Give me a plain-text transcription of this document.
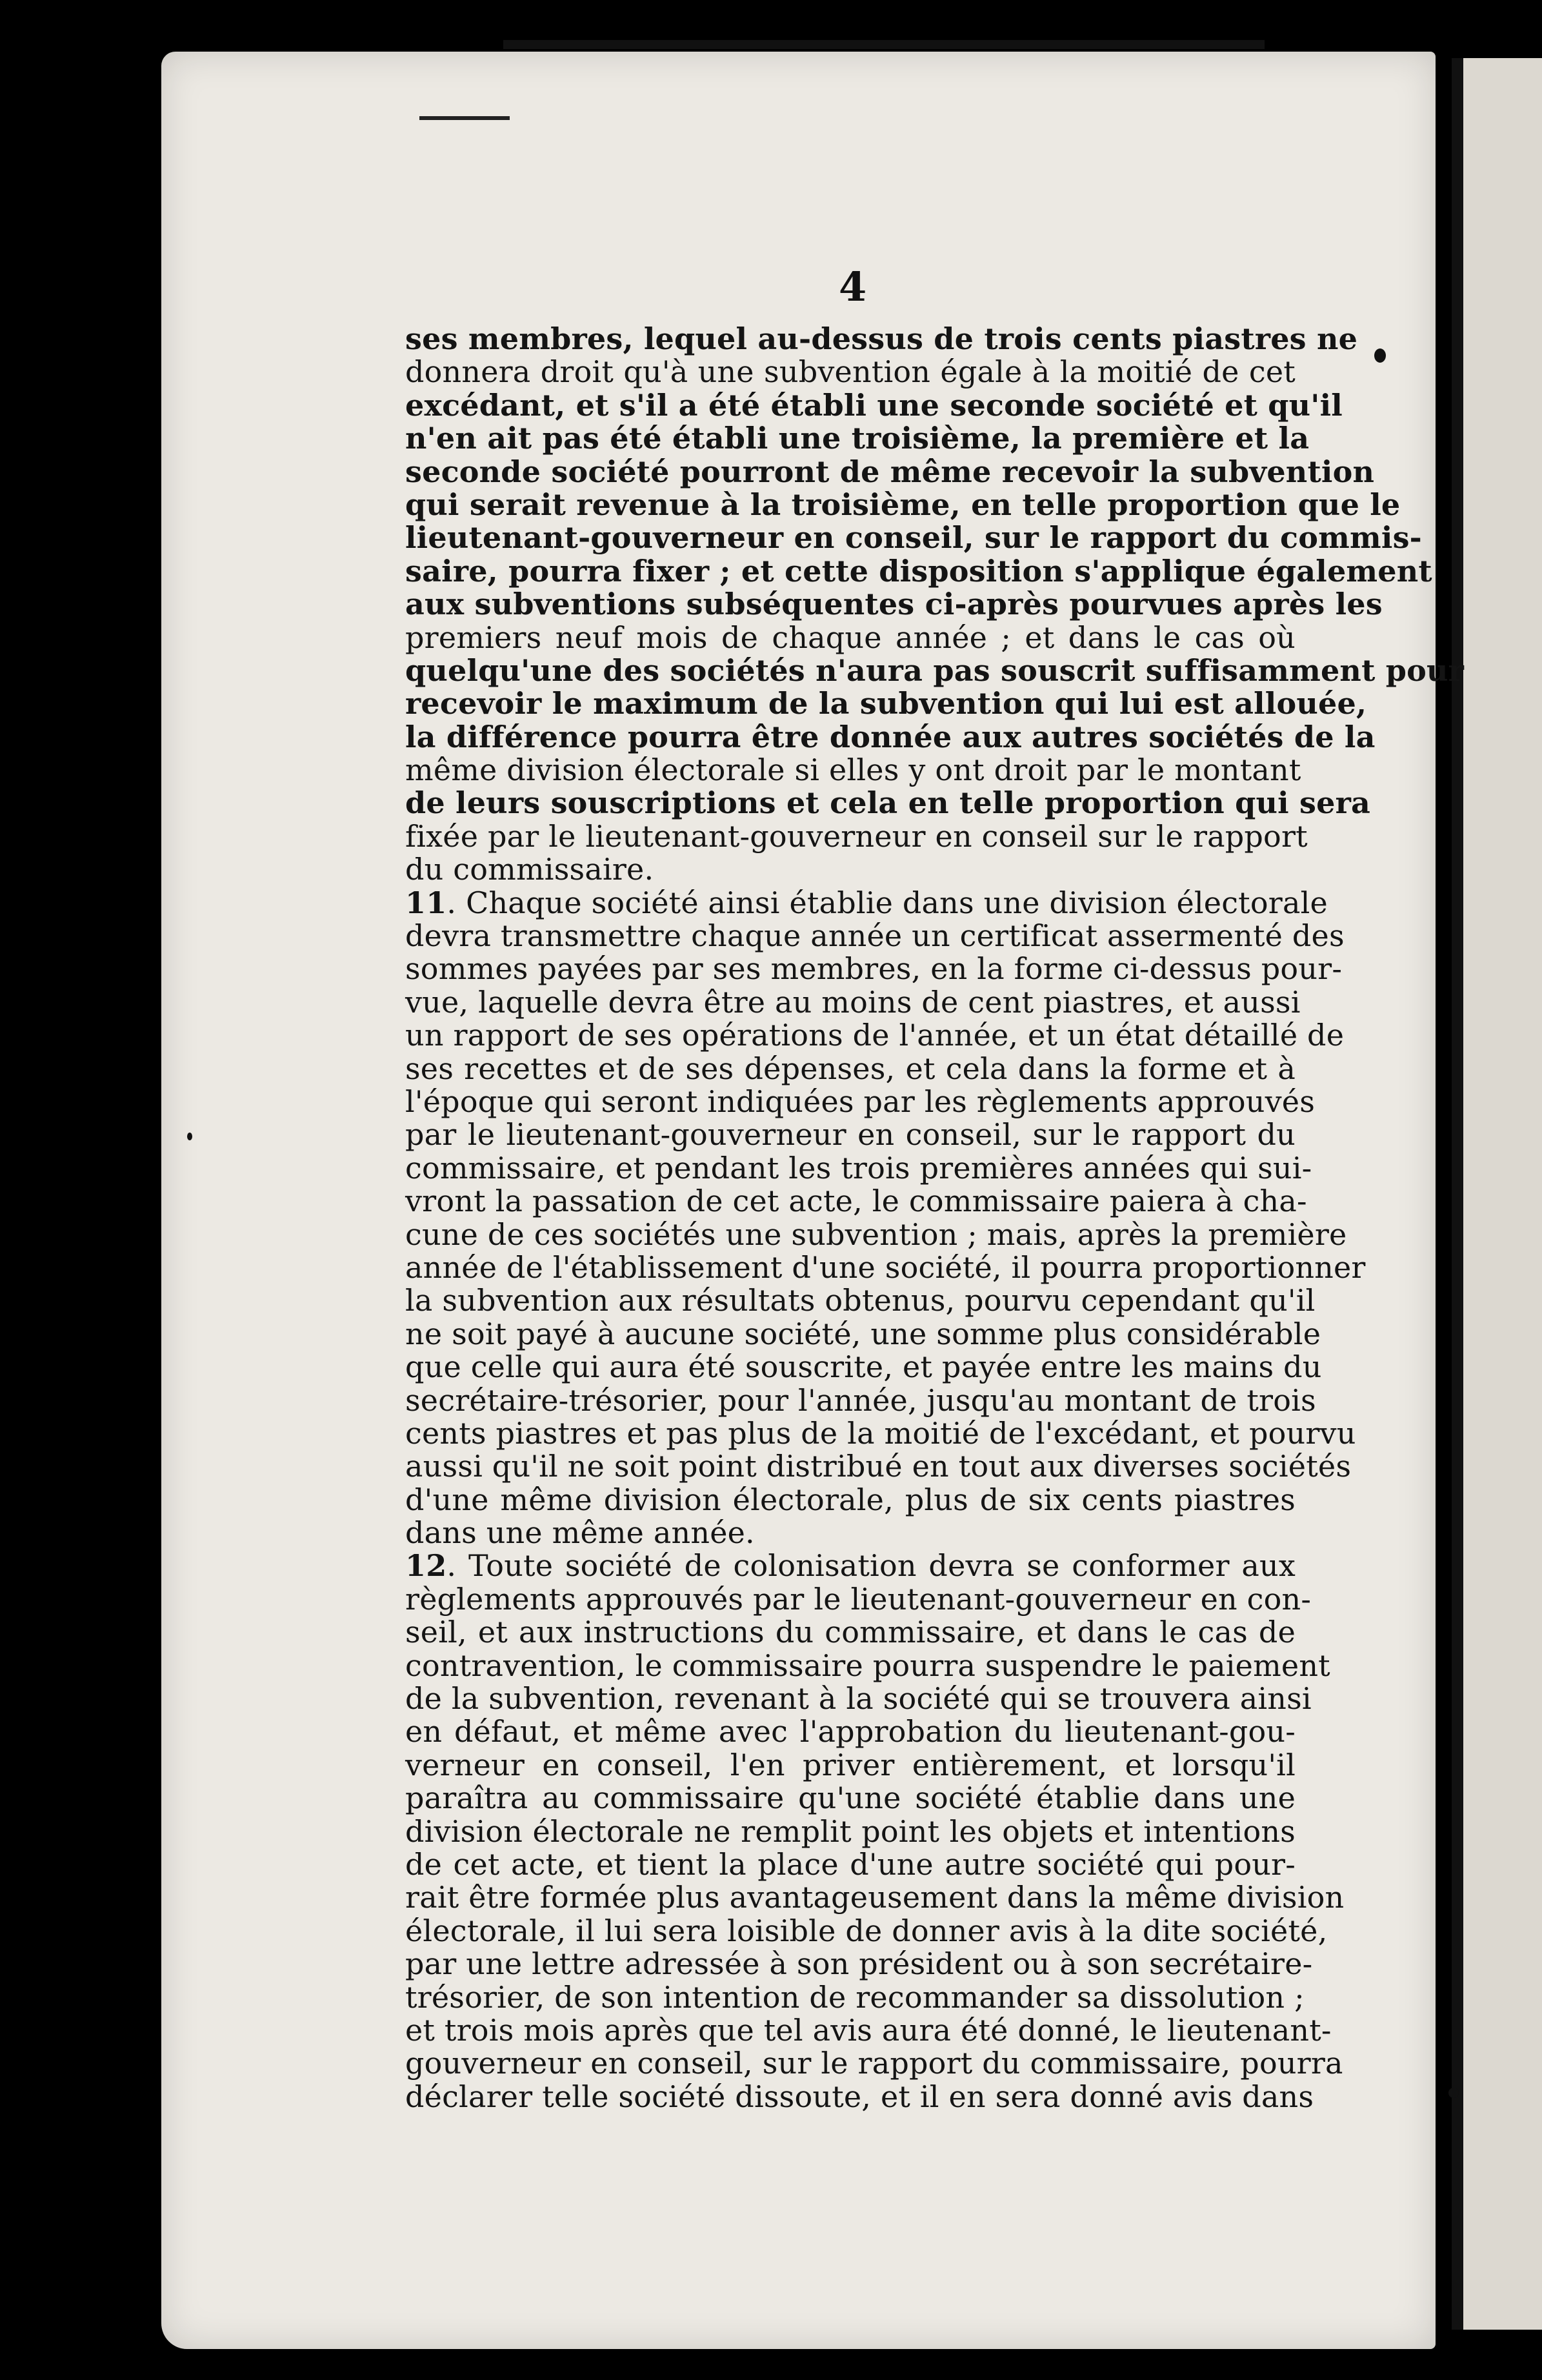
4
ses membres, lequel au-dessus de trois cents piastres ne
donnera droit qu'à une subvention égale à la moitié de cet
excédant, et s'il a été établi une seconde société et qu'il
n'en ait pas été établi une troisième, la première et la
seconde société pourront de même recevoir la subvention
qui serait revenue à la troisième, en telle proportion que le
lieutenant-gouverneur en conseil, sur le rapport du commis-
saire, pourra fixer ; et cette disposition s'applique également
aux subventions subséquentes ci-après pourvues après les
premiers neuf mois de chaque année ; et dans le cas où
quelqu'une des sociétés n'aura pas souscrit suffisamment pour
recevoir le maximum de la subvention qui lui est allouée,
la différence pourra être donnée aux autres sociétés de la
même division électorale si elles y ont droit par le montant
de leurs souscriptions et cela en telle proportion qui sera
fixée par le lieutenant-gouverneur en conseil sur le rapport
du commissaire.
11. Chaque société ainsi établie dans une division électorale
devra transmettre chaque année un certificat assermenté des
sommes payées par ses membres, en la forme ci-dessus pour-
vue, laquelle devra être au moins de cent piastres, et aussi
un rapport de ses opérations de l'année, et un état détaillé de
ses recettes et de ses dépenses, et cela dans la forme et à
l'époque qui seront indiquées par les règlements approuvés
par le lieutenant-gouverneur en conseil, sur le rapport du
commissaire, et pendant les trois premières années qui sui-
vront la passation de cet acte, le commissaire paiera à cha-
cune de ces sociétés une subvention ; mais, après la première
année de l'établissement d'une société, il pourra proportionner
la subvention aux résultats obtenus, pourvu cependant qu'il
ne soit payé à aucune société, une somme plus considérable
que celle qui aura été souscrite, et payée entre les mains du
secrétaire-trésorier, pour l'année, jusqu'au montant de trois
cents piastres et pas plus de la moitié de l'excédant, et pourvu
aussi qu'il ne soit point distribué en tout aux diverses sociétés
d'une même division électorale, plus de six cents piastres
dans une même année.
12. Toute société de colonisation devra se conformer aux
règlements approuvés par le lieutenant-gouverneur en con-
seil, et aux instructions du commissaire, et dans le cas de
contravention, le commissaire pourra suspendre le paiement
de la subvention, revenant à la société qui se trouvera ainsi
en défaut, et même avec l'approbation du lieutenant-gou-
verneur en conseil, l'en priver entièrement, et lorsqu'il
paraîtra au commissaire qu'une société établie dans une
division électorale ne remplit point les objets et intentions
de cet acte, et tient la place d'une autre société qui pour-
rait être formée plus avantageusement dans la même division
électorale, il lui sera loisible de donner avis à la dite société,
par une lettre adressée à son président ou à son secrétaire-
trésorier, de son intention de recommander sa dissolution ;
et trois mois après que tel avis aura été donné, le lieutenant-
gouverneur en conseil, sur le rapport du commissaire, pourra
déclarer telle société dissoute, et il en sera donné avis dans
